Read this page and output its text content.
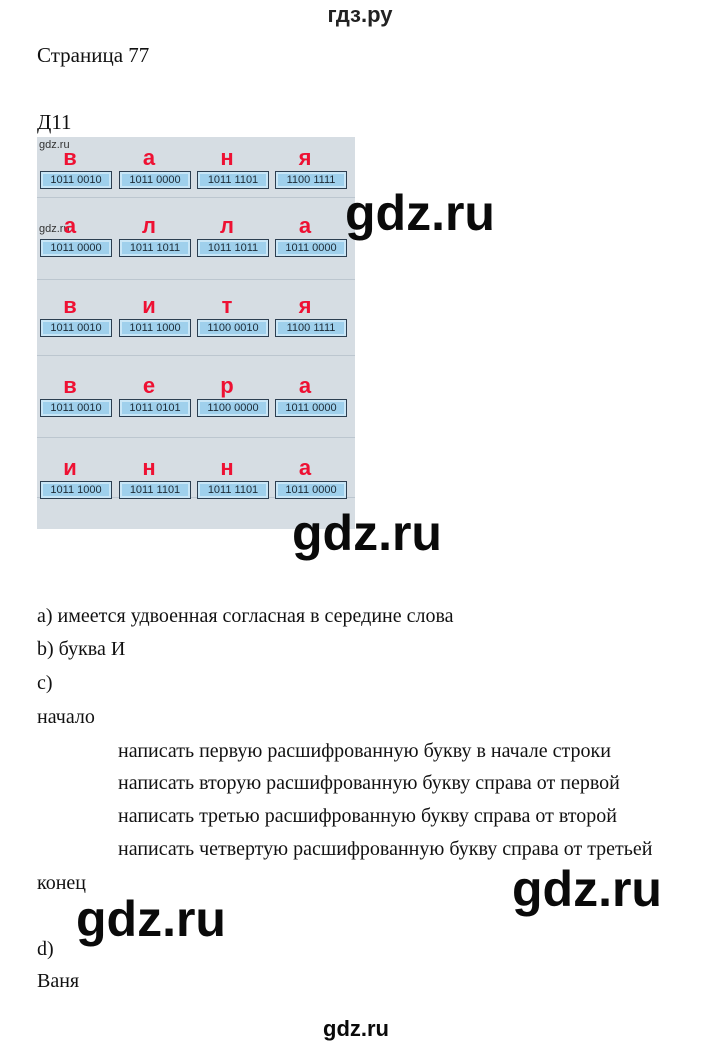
гдз.ру
Страница 77
Д11
gdz.ru
gdz.ru
в
1011 0010
а
1011 0000
н
1011 1101
я
1100 1111
а
1011 0000
л
1011 1011
л
1011 1011
а
1011 0000
в
1011 0010
и
1011 1000
т
1100 0010
я
1100 1111
в
1011 0010
е
1011 0101
р
1100 0000
а
1011 0000
и
1011 1000
н
1011 1101
н
1011 1101
а
1011 0000
gdz.ru
gdz.ru
gdz.ru
gdz.ru
gdz.ru
а) имеется удвоенная согласная в середине слова
b) буква И
c)
начало
написать первую расшифрованную букву в начале строки
написать вторую расшифрованную букву справа от первой
написать третью расшифрованную букву справа от второй
написать четвертую расшифрованную букву справа от третьей
конец
d)
Ваня
